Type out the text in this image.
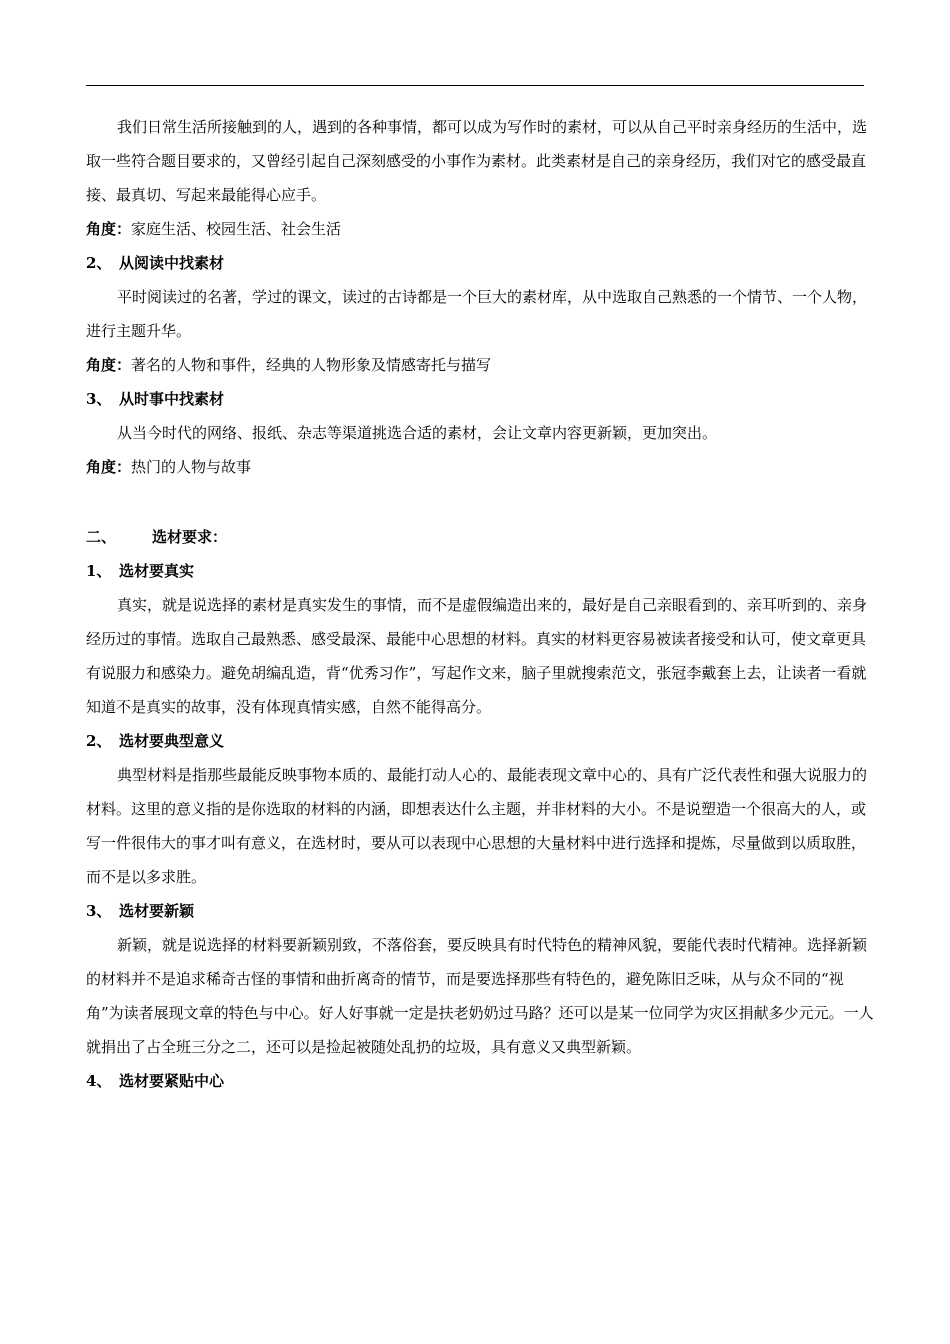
我们日常生活所接触到的人，遇到的各种事情，都可以成为写作时的素材，可以从自己平时亲身经历的生活中，选取一些符合题目要求的，又曾经引起自己深刻感受的小事作为素材。此类素材是自己的亲身经历，我们对它的感受最直接、最真切、写起来最能得心应手。

角度：家庭生活、校园生活、社会生活

2、 从阅读中找素材

平时阅读过的名著，学过的课文，读过的古诗都是一个巨大的素材库，从中选取自己熟悉的一个情节、一个人物，进行主题升华。

角度：著名的人物和事件，经典的人物形象及情感寄托与描写

3、 从时事中找素材

从当今时代的网络、报纸、杂志等渠道挑选合适的素材，会让文章内容更新颖，更加突出。

角度：热门的人物与故事

二、 选材要求：

1、 选材要真实

真实，就是说选择的素材是真实发生的事情，而不是虚假编造出来的，最好是自己亲眼看到的、亲耳听到的、亲身经历过的事情。选取自己最熟悉、感受最深、最能中心思想的材料。真实的材料更容易被读者接受和认可，使文章更具有说服力和感染力。避免胡编乱造，背“优秀习作”，写起作文来，脑子里就搜索范文，张冠李戴套上去，让读者一看就知道不是真实的故事，没有体现真情实感，自然不能得高分。

2、 选材要典型意义

典型材料是指那些最能反映事物本质的、最能打动人心的、最能表现文章中心的、具有广泛代表性和强大说服力的材料。这里的意义指的是你选取的材料的内涵，即想表达什么主题，并非材料的大小。不是说塑造一个很高大的人，或写一件很伟大的事才叫有意义，在选材时，要从可以表现中心思想的大量材料中进行选择和提炼，尽量做到以质取胜，而不是以多求胜。

3、 选材要新颖

新颖，就是说选择的材料要新颖别致，不落俗套，要反映具有时代特色的精神风貌，要能代表时代精神。选择新颖的材料并不是追求稀奇古怪的事情和曲折离奇的情节，而是要选择那些有特色的，避免陈旧乏味，从与众不同的“视角”为读者展现文章的特色与中心。好人好事就一定是扶老奶奶过马路？还可以是某一位同学为灾区捐献多少元元。一人就捐出了占全班三分之二，还可以是捡起被随处乱扔的垃圾，具有意义又典型新颖。

4、 选材要紧贴中心
